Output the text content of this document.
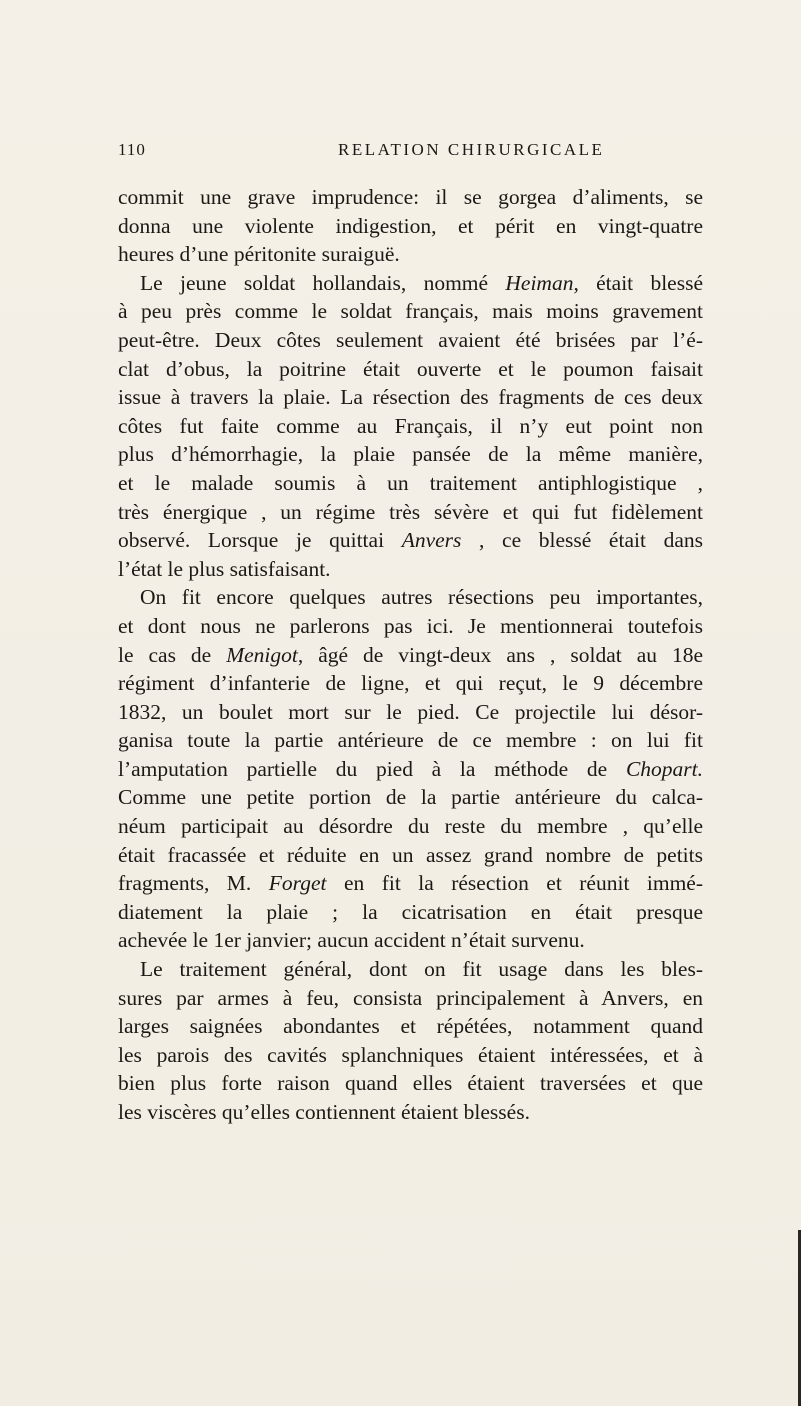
110	RELATION CHIRURGICALE
commit une grave imprudence: il se gorgea d’aliments, se
donna une violente indigestion, et périt en vingt-quatre
heures d’une péritonite suraiguë.
Le jeune soldat hollandais, nommé Heiman, était blessé
à peu près comme le soldat français, mais moins gravement
peut-être. Deux côtes seulement avaient été brisées par l’é-
clat d’obus, la poitrine était ouverte et le poumon faisait
issue à travers la plaie. La résection des fragments de ces deux
côtes fut faite comme au Français, il n’y eut point non
plus d’hémorrhagie, la plaie pansée de la même manière,
et le malade soumis à un traitement antiphlogistique ,
très énergique , un régime très sévère et qui fut fidèlement
observé. Lorsque je quittai Anvers , ce blessé était dans
l’état le plus satisfaisant.
On fit encore quelques autres résections peu importantes,
et dont nous ne parlerons pas ici. Je mentionnerai toutefois
le cas de Menigot, âgé de vingt-deux ans , soldat au 18e
régiment d’infanterie de ligne, et qui reçut, le 9 décembre
1832, un boulet mort sur le pied. Ce projectile lui désor-
ganisa toute la partie antérieure de ce membre : on lui fit
l’amputation partielle du pied à la méthode de Chopart.
Comme une petite portion de la partie antérieure du calca-
néum participait au désordre du reste du membre , qu’elle
était fracassée et réduite en un assez grand nombre de petits
fragments, M. Forget en fit la résection et réunit immé-
diatement la plaie ; la cicatrisation en était presque
achevée le 1er janvier; aucun accident n’était survenu.
Le traitement général, dont on fit usage dans les bles-
sures par armes à feu, consista principalement à Anvers, en
larges saignées abondantes et répétées, notamment quand
les parois des cavités splanchniques étaient intéressées, et à
bien plus forte raison quand elles étaient traversées et que
les viscères qu’elles contiennent étaient blessés.
